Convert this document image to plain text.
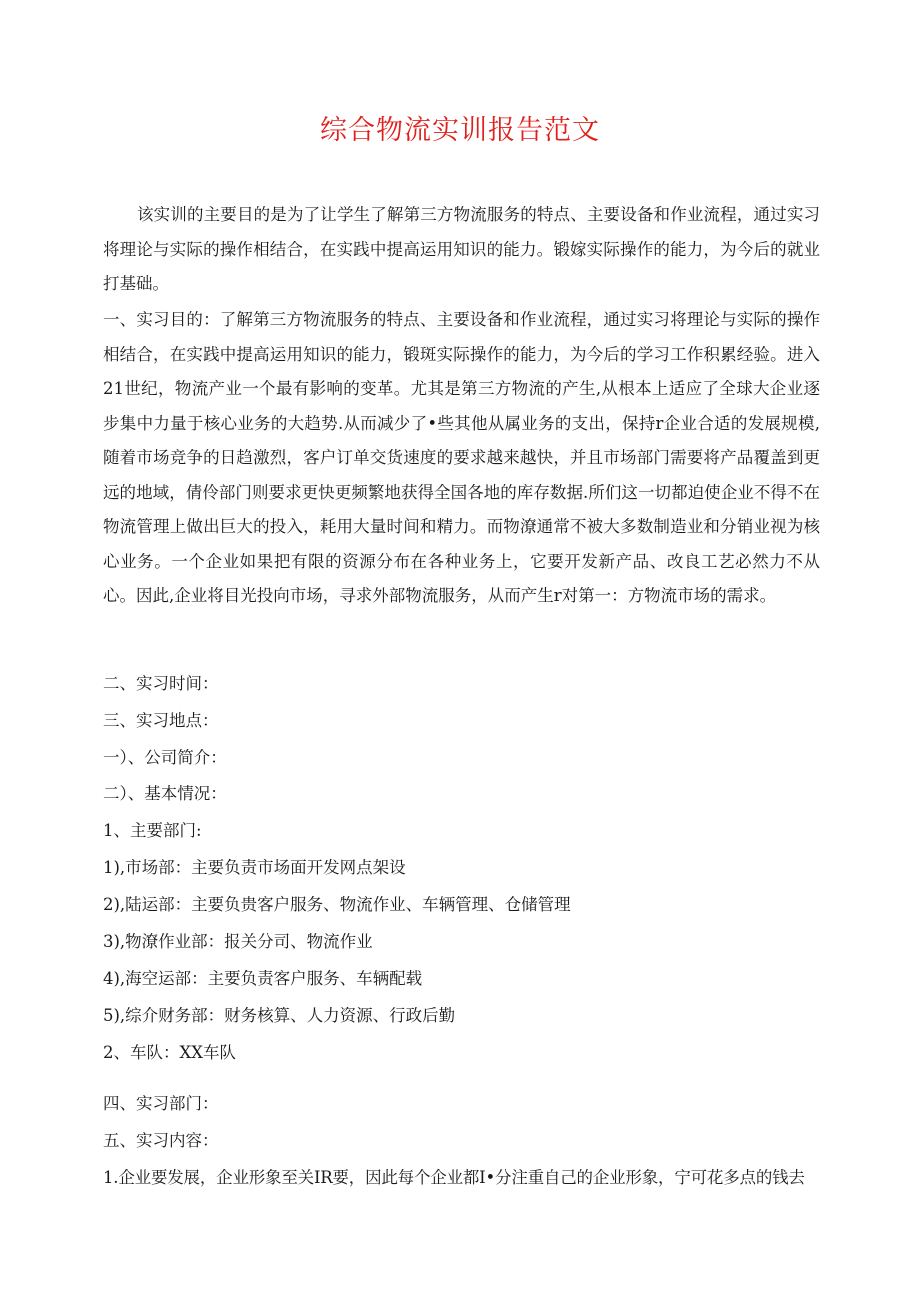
综合物流实训报告范文
该实训的主要目的是为了让学生了解第三方物流服务的特点、主要设备和作业流程，通过实习将理论与实际的操作相结合，在实践中提高运用知识的能力。锻嫁实际操作的能力，为今后的就业打基础。
一、实习目的：了解第三方物流服务的特点、主要设备和作业流程，通过实习将理论与实际的操作相结合，在实践中提高运用知识的能力，锻斑实际操作的能力，为今后的学习工作积累经验。进入21世纪，物流产业一个最有影响的变革。尤其是第三方物流的产生,从根本上适应了全球大企业逐步集中力量于核心业务的大趋势.从而减少了•些其他从属业务的支出，保持r企业合适的发展规模,随着市场竞争的日趋激烈，客户订单交货速度的要求越来越快，并且市场部门需要将产品覆盖到更远的地域，倩伶部门则要求更快更频繁地获得全国各地的库存数据.所们这一切都迫使企业不得不在物流管理上做出巨大的投入，耗用大量时间和精力。而物潦通常不被大多数制造业和分销业视为核心业务。一个企业如果把有限的资源分布在各种业务上，它要开发新产品、改良工艺必然力不从心。因此,企业将目光投向市场，寻求外部物流服务，从而产生r对第一：方物流市场的需求。
二、实习时间：
三、实习地点：
一）、公司简介：
二）、基本情况：
1、主要部门:
1),市场部：主要负责市场面开发网点架设
2),陆运部：主要负贵客户服务、物流作业、车辆管理、仓储管理
3),物潦作业部：报关分司、物流作业
4),海空运部：主要负责客户服务、车辆配载
5),综介财务部：财务核算、人力资源、行政后勤
2、车队：XX车队
四、实习部门：
五、实习内容：
1.企业要发展，企业形象至关IR要，因此每个企业都I•分注重自己的企业形象，宁可花多点的钱去
